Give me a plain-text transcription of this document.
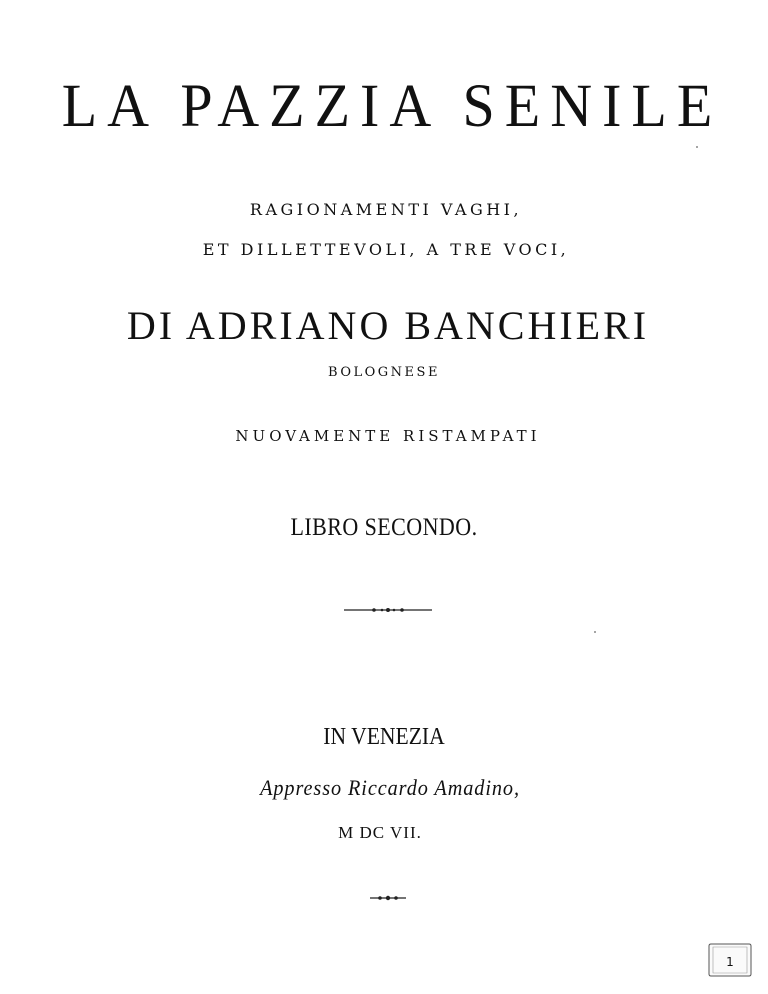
LA PAZZIA SENILE
RAGIONAMENTI VAGHI,
ET DILLETTEVOLI, A TRE VOCI,
DI ADRIANO BANCHIERI
BOLOGNESE
NUOVAMENTE RISTAMPATI
LIBRO SECONDO.
IN VENEZIA
Appresso Riccardo Amadino,
M DC VII.
1
